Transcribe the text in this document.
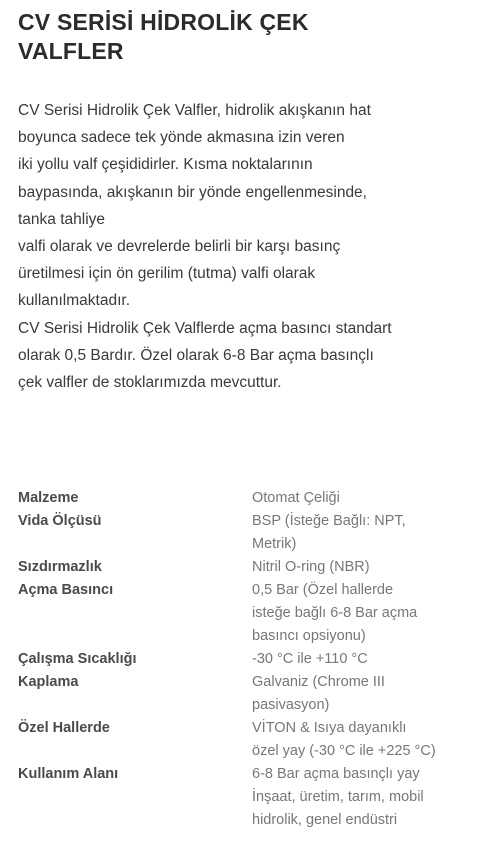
CV SERİSİ HİDROLİK ÇEK
VALFLER
CV Serisi Hidrolik Çek Valfler, hidrolik akışkanın hat
boyunca sadece tek yönde akmasına izin veren
iki yollu valf çeşididirler. Kısma noktalarının
baypasında, akışkanın bir yönde engellenmesinde,
tanka tahliye
valfi olarak ve devrelerde belirli bir karşı basınç
üretilmesi için ön gerilim (tutma) valfi olarak
kullanılmaktadır.
CV Serisi Hidrolik Çek Valflerde açma basıncı standart
olarak 0,5 Bardır. Özel olarak 6-8 Bar açma basınçlı
çek valfler de stoklarımızda mevcuttur.
Malzeme	Otomat Çeliği
Vida Ölçüsü	BSP (İsteğe Bağlı: NPT,
Metrik)
Sızdırmazlık	Nitril O-ring (NBR)
Açma Basıncı	0,5 Bar (Özel hallerde
isteğe bağlı 6-8 Bar açma
basıncı opsiyonu)
Çalışma Sıcaklığı	-30 °C ile +110 °C
Kaplama	Galvaniz (Chrome III
pasivasyon)
Özel Hallerde	VİTON & Isıya dayanıklı
özel yay (-30 °C ile +225 °C)
Kullanım Alanı	6-8 Bar açma basınçlı yay
İnşaat, üretim, tarım, mobil
hidrolik, genel endüstri
